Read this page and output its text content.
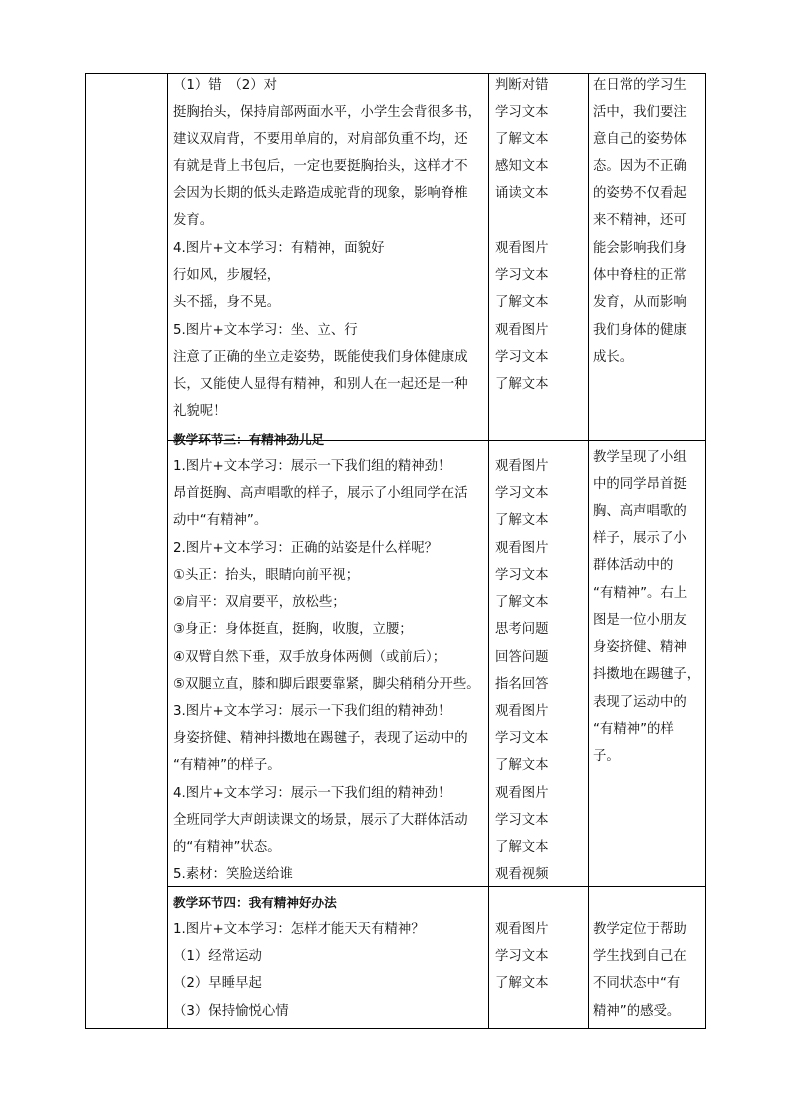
（1）错　（2）对
挺胸抬头，保持肩部两面水平，小学生会背很多书，
建议双肩背，不要用单肩的，对肩部负重不均，还
有就是背上书包后，一定也要挺胸抬头，这样才不
会因为长期的低头走路造成驼背的现象，影响脊椎
发育。
4.图片+文本学习：有精神，面貌好
行如风，步履轻，
头不摇，身不晃。
5.图片+文本学习：坐、立、行
注意了正确的坐立走姿势，既能使我们身体健康成
长，又能使人显得有精神，和别人在一起还是一种
礼貌呢！
教学环节三：有精神劲儿足
1.图片+文本学习：展示一下我们组的精神劲！
昂首挺胸、高声唱歌的样子，展示了小组同学在活
动中“有精神”。
2.图片+文本学习：正确的站姿是什么样呢？
①头正：抬头，眼睛向前平视；
②肩平：双肩要平，放松些；
③身正：身体挺直，挺胸，收腹，立腰；
④双臂自然下垂，双手放身体两侧（或前后）；
⑤双腿立直，膝和脚后跟要靠紧，脚尖稍稍分开些。
3.图片+文本学习：展示一下我们组的精神劲！
身姿挤健、精神抖擞地在踢毽子，表现了运动中的
“有精神”的样子。
4.图片+文本学习：展示一下我们组的精神劲！
全班同学大声朗读课文的场景，展示了大群体活动
的“有精神”状态。
5.素材：笑脸送给谁
教学环节四：我有精神好办法
1.图片+文本学习：怎样才能天天有精神？
（1）经常运动
（2）早睡早起
（3）保持愉悦心情
判断对错
学习文本
了解文本
感知文本
诵读文本
观看图片
学习文本
了解文本
观看图片
学习文本
了解文本
观看图片
学习文本
了解文本
观看图片
学习文本
了解文本
思考问题
回答问题
指名回答
观看图片
学习文本
了解文本
观看图片
学习文本
了解文本
观看视频
观看图片
学习文本
了解文本
在日常的学习生
活中，我们要注
意自己的姿势体
态。因为不正确
的姿势不仅看起
来不精神，还可
能会影响我们身
体中脊柱的正常
发育，从而影响
我们身体的健康
成长。
教学呈现了小组
中的同学昂首挺
胸、高声唱歌的
样子，展示了小
群体活动中的
“有精神”。右上
图是一位小朋友
身姿挤健、精神
抖擞地在踢毽子，
表现了运动中的
“有精神”的样
子。
教学定位于帮助
学生找到自己在
不同状态中“有
精神”的感受。
